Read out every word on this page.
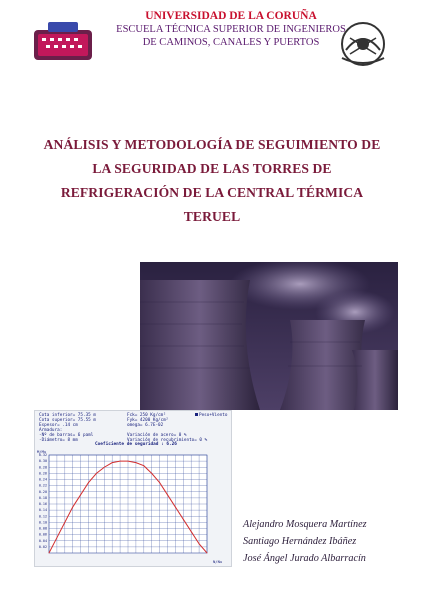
UNIVERSIDAD DE LA CORUÑA
ESCUELA TÉCNICA SUPERIOR DE INGENIEROS
DE CAMINOS, CANALES Y PUERTOS
ANÁLISIS Y METODOLOGÍA DE SEGUIMIENTO DE
LA SEGURIDAD DE LAS TORRES DE
REFRIGERACIÓN DE LA CENTRAL TÉRMICA
TERUEL
Cota inferior= 75.35 m
Cota superior= 75.55 m
Espesor= .14 cm
Armadura:
-Nº de barras= 6 paml
-Diámetro= 8 mm
Fck= 250 Kg/cm²
Fyk= 4200 Kg/cm²
omega= 6.7E-02

Variación de acero= 0 %
Variación de recubrimiento= 0 %
Peso+Viento
Coeficiente de seguridad : 6.26
M/Mu
N/Nu
0.32
0.30
0.28
0.26
0.24
0.22
0.20
0.18
0.16
0.14
0.12
0.10
0.08
0.06
0.04
0.02
Alejandro Mosquera Martínez
Santiago Hernández Ibáñez
José Ángel Jurado Albarracín
